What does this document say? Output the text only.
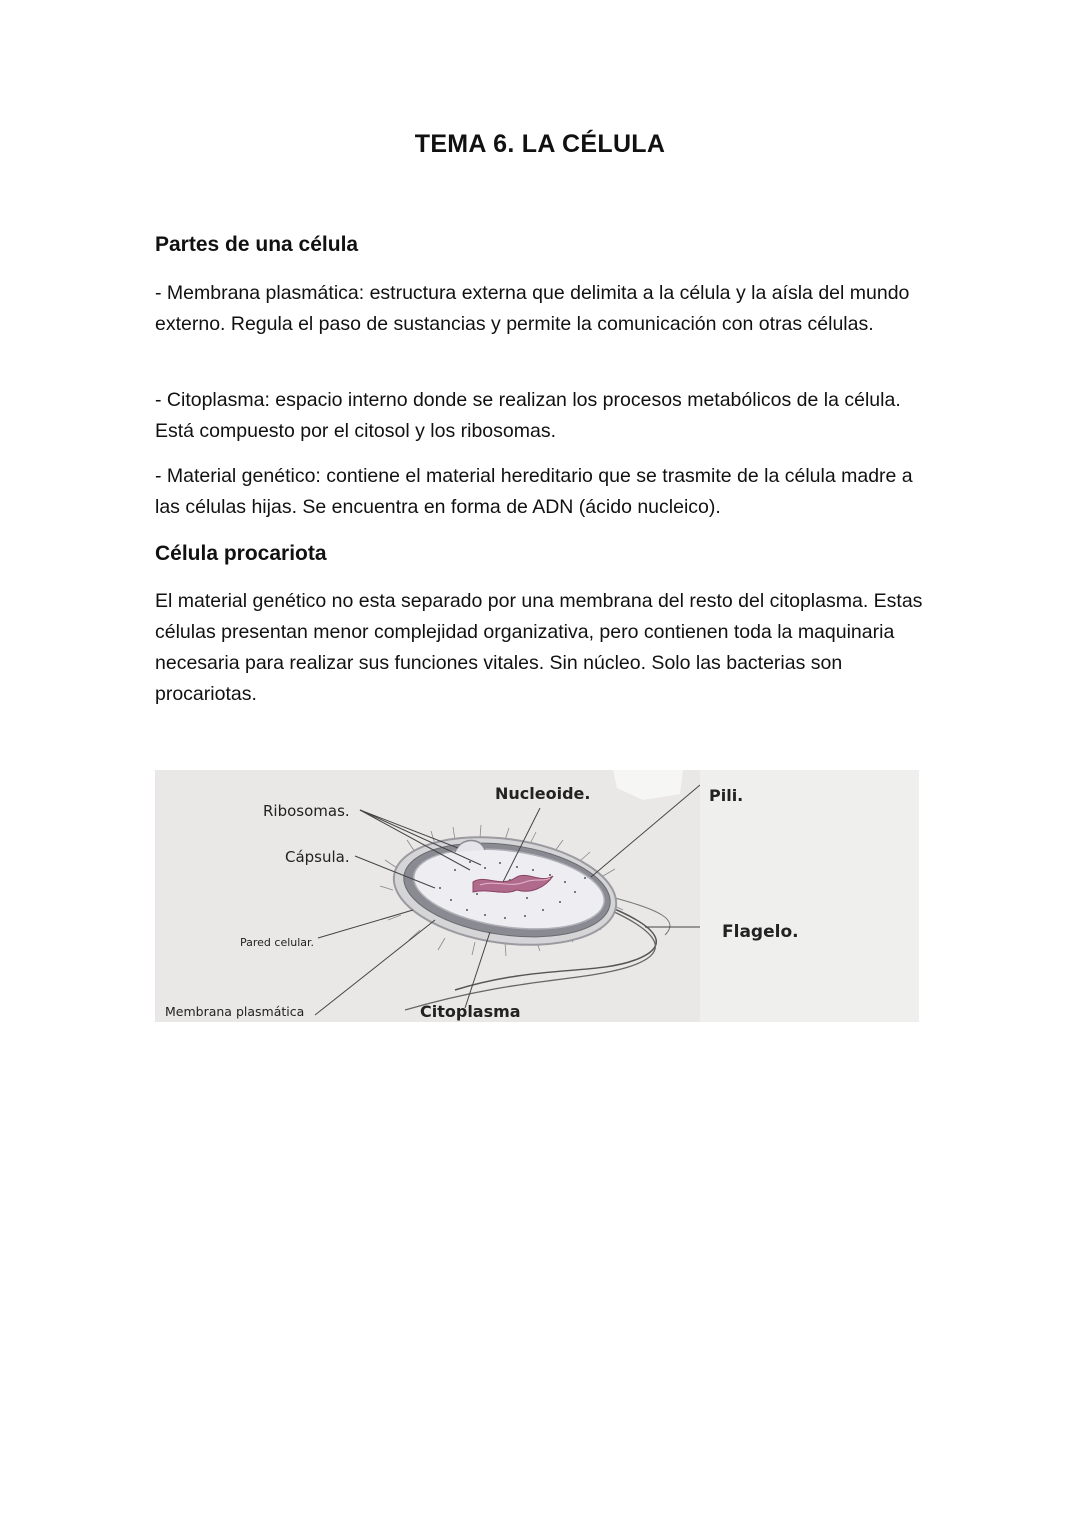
TEMA 6. LA CÉLULA
Partes de una célula
- Membrana plasmática: estructura externa que delimita a la célula y la aísla del mundo externo. Regula el paso de sustancias y permite la comunicación con otras células.
- Citoplasma: espacio interno donde se realizan los procesos metabólicos de la célula. Está compuesto por el citosol y los ribosomas.
- Material genético: contiene el material hereditario que se trasmite de la célula madre a las células hijas. Se encuentra en forma de ADN (ácido nucleico).
Célula procariota
El material genético no esta separado por una membrana del resto del citoplasma. Estas células presentan menor complejidad organizativa, pero contienen toda la maquinaria necesaria para realizar sus funciones vitales. Sin núcleo. Solo las bacterias son procariotas.
Ribosomas.
Cápsula.
Pared celular.
Membrana plasmática
Nucleoide.
Citoplasma
Pili.
Flagelo.
